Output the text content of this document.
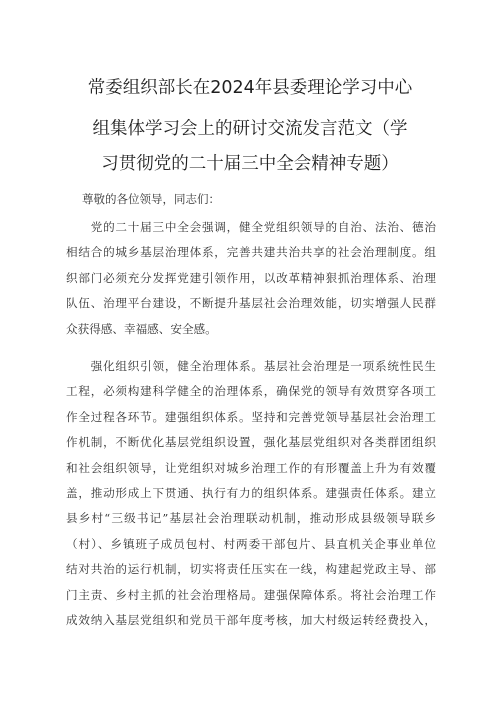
常委组织部长在2024年县委理论学习中心
组集体学习会上的研讨交流发言范文（学
习贯彻党的二十届三中全会精神专题）
尊敬的各位领导，同志们：
　　党的二十届三中全会强调，健全党组织领导的自治、法治、德治
相结合的城乡基层治理体系，完善共建共治共享的社会治理制度。组
织部门必须充分发挥党建引领作用，以改革精神狠抓治理体系、治理
队伍、治理平台建设，不断提升基层社会治理效能，切实增强人民群
众获得感、幸福感、安全感。
　　强化组织引领，健全治理体系。基层社会治理是一项系统性民生
工程，必须构建科学健全的治理体系，确保党的领导有效贯穿各项工
作全过程各环节。建强组织体系。坚持和完善党领导基层社会治理工
作机制，不断优化基层党组织设置，强化基层党组织对各类群团组织
和社会组织领导，让党组织对城乡治理工作的有形覆盖上升为有效覆
盖，推动形成上下贯通、执行有力的组织体系。建强责任体系。建立
县乡村“三级书记”基层社会治理联动机制，推动形成县级领导联乡
（村）、乡镇班子成员包村、村两委干部包片、县直机关企事业单位
结对共治的运行机制，切实将责任压实在一线，构建起党政主导、部
门主责、乡村主抓的社会治理格局。建强保障体系。将社会治理工作
成效纳入基层党组织和党员干部年度考核，加大村级运转经费投入，
